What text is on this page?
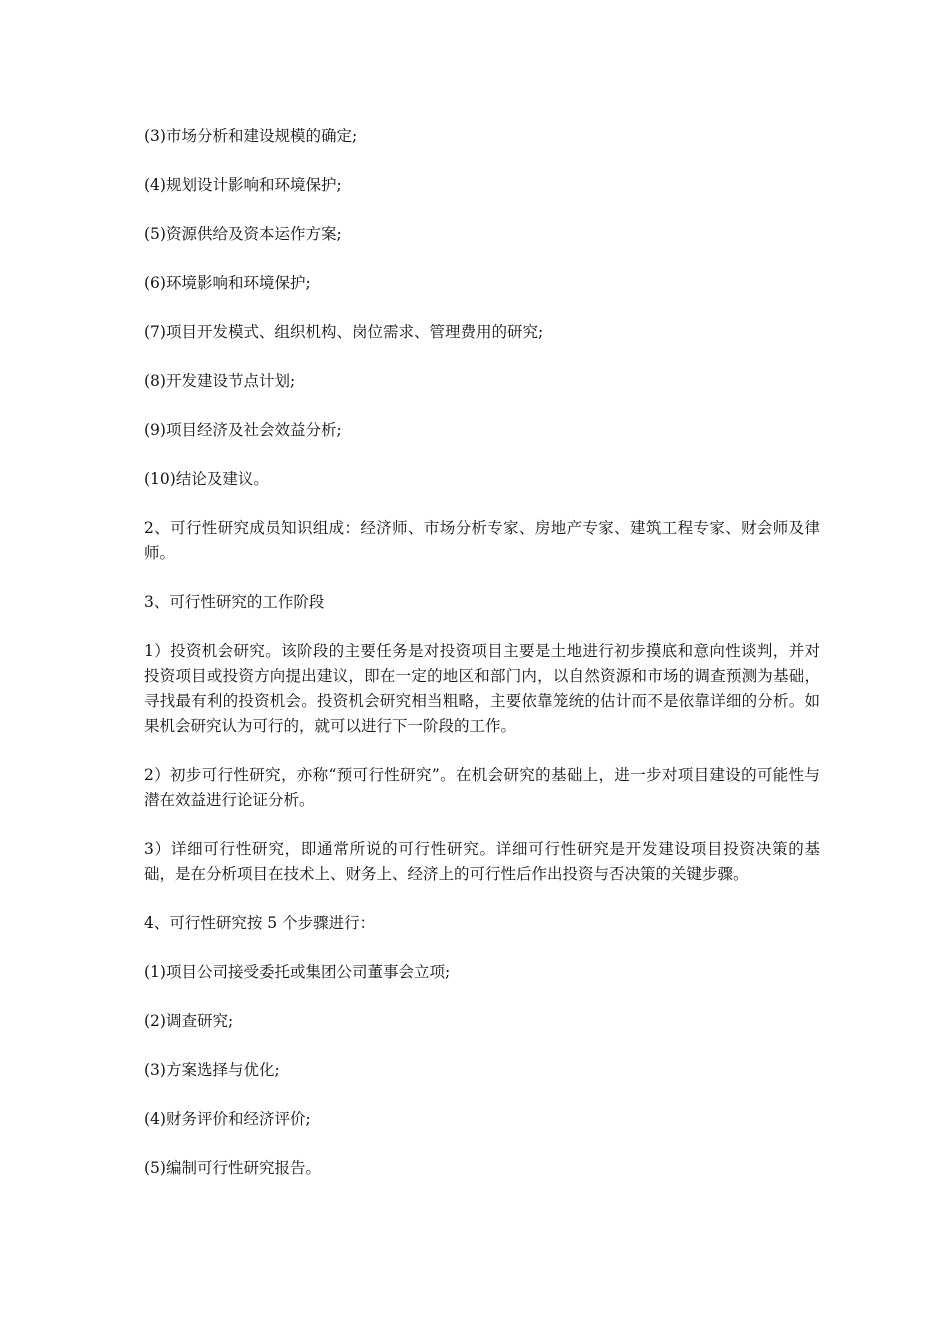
(3)市场分析和建设规模的确定;

(4)规划设计影响和环境保护;

(5)资源供给及资本运作方案;

(6)环境影响和环境保护;

(7)项目开发模式、组织机构、岗位需求、管理费用的研究;

(8)开发建设节点计划;

(9)项目经济及社会效益分析;

(10)结论及建议。

2、可行性研究成员知识组成：经济师、市场分析专家、房地产专家、建筑工程专家、财会师及律师。

3、可行性研究的工作阶段

1）投资机会研究。该阶段的主要任务是对投资项目主要是土地进行初步摸底和意向性谈判，并对投资项目或投资方向提出建议，即在一定的地区和部门内，以自然资源和市场的调查预测为基础，寻找最有利的投资机会。投资机会研究相当粗略，主要依靠笼统的估计而不是依靠详细的分析。如果机会研究认为可行的，就可以进行下一阶段的工作。

2）初步可行性研究，亦称“预可行性研究”。在机会研究的基础上，进一步对项目建设的可能性与潜在效益进行论证分析。

3）详细可行性研究，即通常所说的可行性研究。详细可行性研究是开发建设项目投资决策的基础，是在分析项目在技术上、财务上、经济上的可行性后作出投资与否决策的关键步骤。

4、可行性研究按 5 个步骤进行：

(1)项目公司接受委托或集团公司董事会立项;

(2)调查研究;

(3)方案选择与优化;

(4)财务评价和经济评价;

(5)编制可行性研究报告。
